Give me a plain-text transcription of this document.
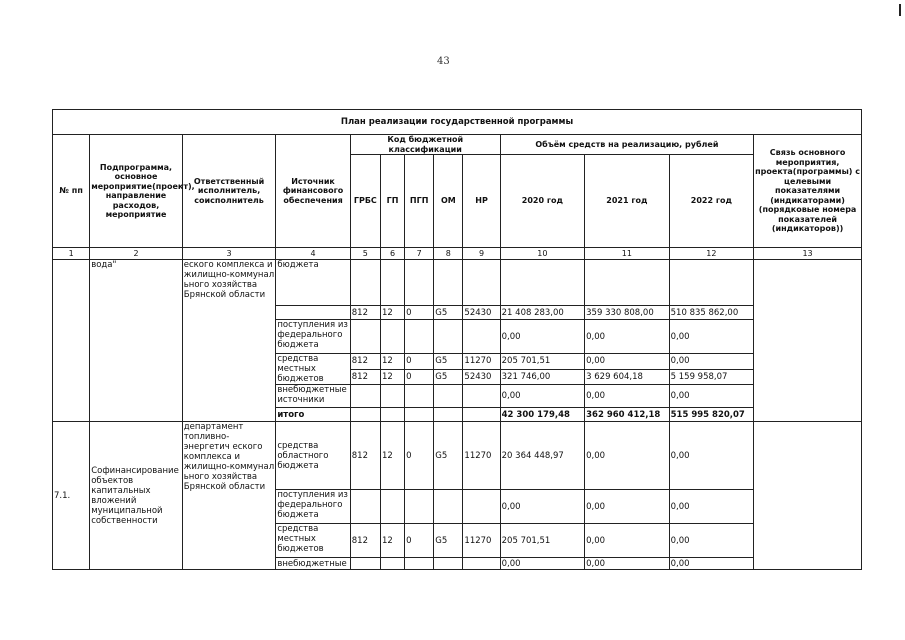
43
План реализации государственной программы												
№ пп	Подпрограмма, основное мероприятие(проект), направление расходов, мероприятие	Ответственный исполнитель, соисполнитель	Источник финансового обеспечения	Код бюджетной классификации					Объём средств на реализацию, рублей			Связь основного мероприятия, проекта(программы) с целевыми показателями (индикаторами) (порядковые номера показателей (индикаторов))
				ГРБС	ГП	ПГП	ОМ	НР	2020 год	2021 год	2022 год	
1	2	3	4	5	6	7	8	9	10	11	12	13
	вода"	еского комплекса и жилищно-коммунал ьного хозяйства Брянской области	бюджета									
				812	12	0	G5	52430	21 408 283,00	359 330 808,00	510 835 862,00	
			поступления из федерального бюджета						0,00	0,00	0,00	
			средства местных бюджетов	812	12	0	G5	11270	205 701,51	0,00	0,00	
				812	12	0	G5	52430	321 746,00	3 629 604,18	5 159 958,07	
			внебюджетные источники						0,00	0,00	0,00	
			итого						42 300 179,48	362 960 412,18	515 995 820,07	
7.1.	Софинансирование объектов капитальных вложений муниципальной собственности	департамент топливно-энергетич еского комплекса и жилищно-коммунал ьного хозяйства Брянской области	средства областного бюджета	812	12	0	G5	11270	20 364 448,97	0,00	0,00	
			поступления из федерального бюджета						0,00	0,00	0,00	
			средства местных бюджетов	812	12	0	G5	11270	205 701,51	0,00	0,00	
			внебюджетные						0,00	0,00	0,00	
